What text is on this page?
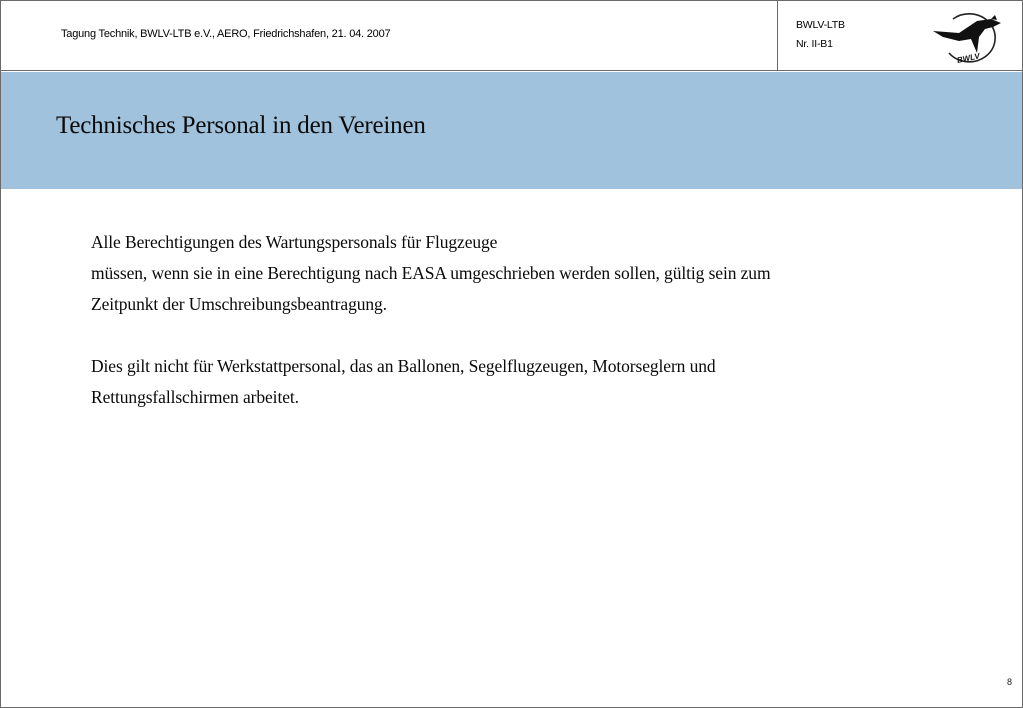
Tagung Technik, BWLV-LTB e.V., AERO, Friedrichshafen, 21. 04. 2007
BWLV-LTB
Nr. II-B1
BWLV
Technisches Personal in den Vereinen

Alle Berechtigungen des Wartungspersonals für Flugzeuge

müssen, wenn sie in eine Berechtigung nach EASA umgeschrieben werden sollen, gültig sein zum

Zeitpunkt der Umschreibungsbeantragung.

Dies gilt nicht für Werkstattpersonal, das an Ballonen, Segelflugzeugen, Motorseglern und

Rettungsfallschirmen arbeitet.

8
